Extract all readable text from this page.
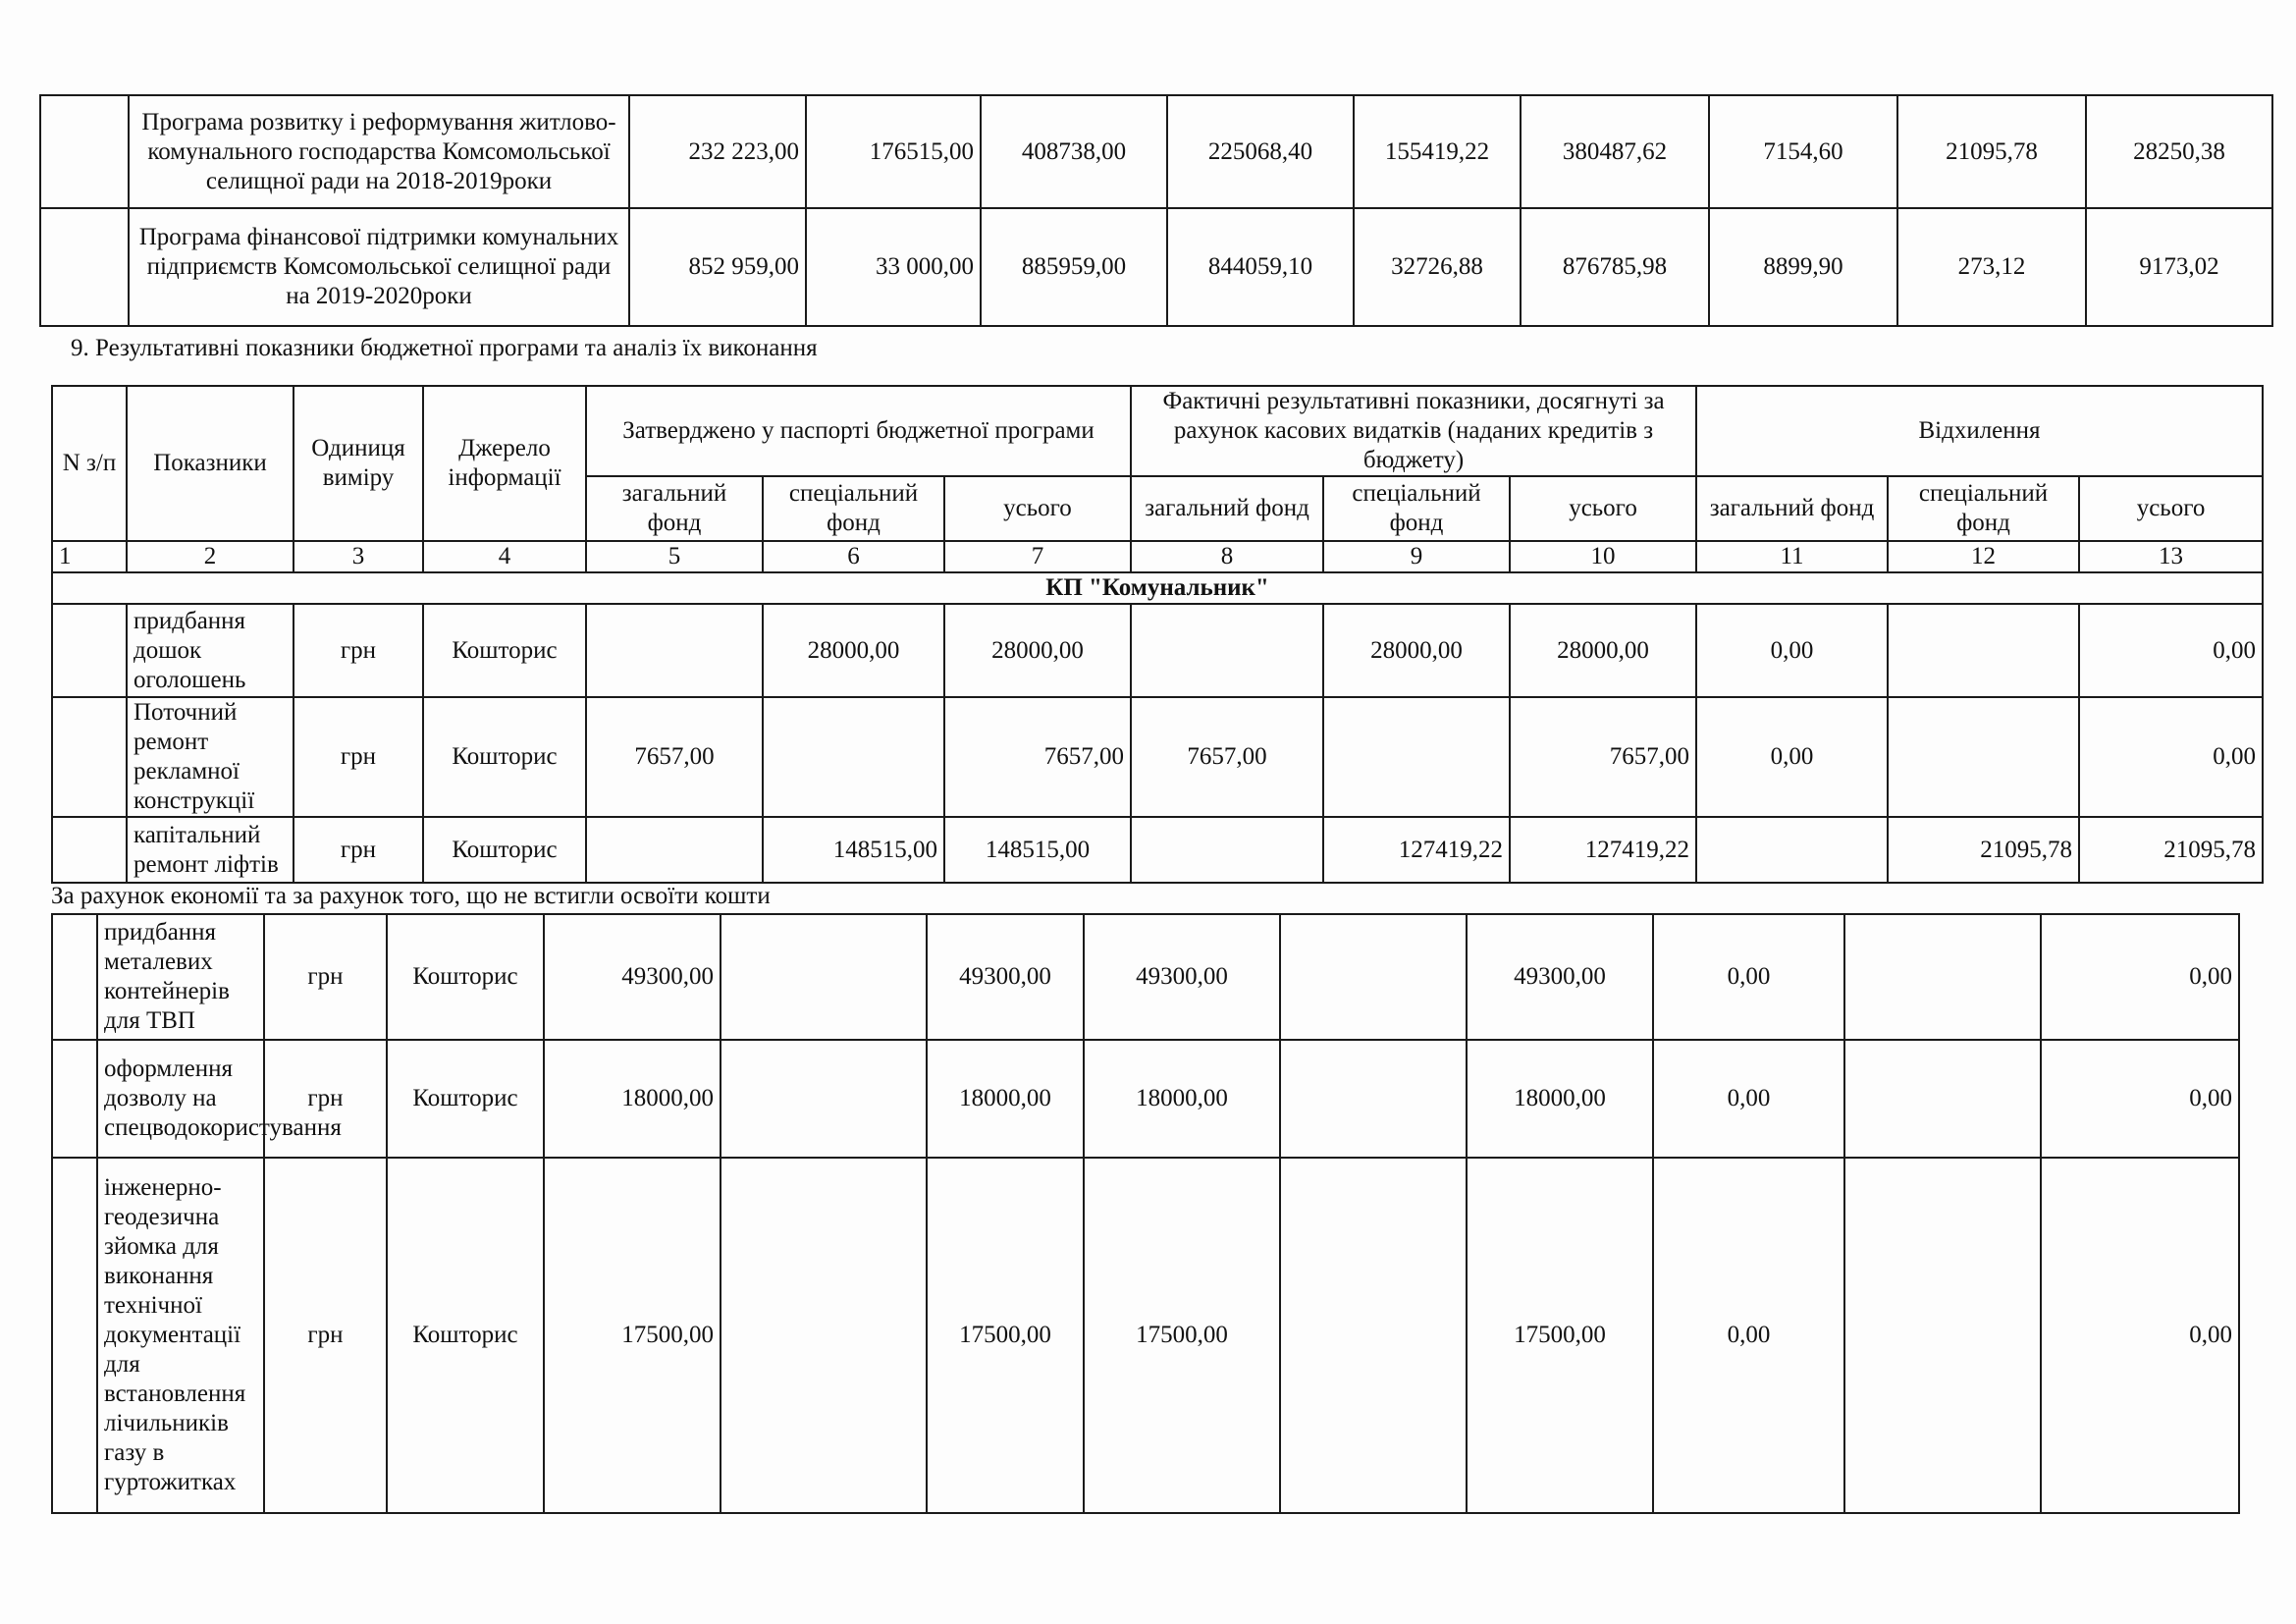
	Програма розвитку і реформування житлово-комунального господарства Комсомольської селищної ради на 2018-2019роки	232 223,00	176515,00	408738,00	225068,40	155419,22	380487,62	7154,60	21095,78	28250,38
	Програма фінансової підтримки комунальних підприємств Комсомольської селищної ради на 2019-2020роки	852 959,00	33 000,00	885959,00	844059,10	32726,88	876785,98	8899,90	273,12	9173,02
9. Результативні показники бюджетної програми та аналіз їх виконання
N з/п	Показники	Одиниця виміру	Джерело інформації	Затверджено у паспорті бюджетної програми			Фактичні результативні показники, досягнуті за рахунок касових видатків (наданих кредитів з бюджету)			Відхилення		
				загальний фонд	спеціальний фонд	усього	загальний фонд	спеціальний фонд	усього	загальний фонд	спеціальний фонд	усього
1	2	3	4	5	6	7	8	9	10	11	12	13
КП "Комунальник"												
	придбання дошок оголошень	грн	Кошторис		28000,00	28000,00		28000,00	28000,00	0,00		0,00
	Поточний ремонт рекламної конструкції	грн	Кошторис	7657,00		7657,00	7657,00		7657,00	0,00		0,00
	капітальний ремонт ліфтів	грн	Кошторис		148515,00	148515,00		127419,22	127419,22		21095,78	21095,78
За рахунок економії та за рахунок того, що не встигли освоїти кошти
	придбання металевих контейнерів для ТВП	грн	Кошторис	49300,00		49300,00	49300,00		49300,00	0,00		0,00
	оформлення дозволу на спецводокористування	грн	Кошторис	18000,00		18000,00	18000,00		18000,00	0,00		0,00
	інженерно-геодезична зйомка для виконання технічної документації для встановлення лічильників газу в гуртожитках	грн	Кошторис	17500,00		17500,00	17500,00		17500,00	0,00		0,00
